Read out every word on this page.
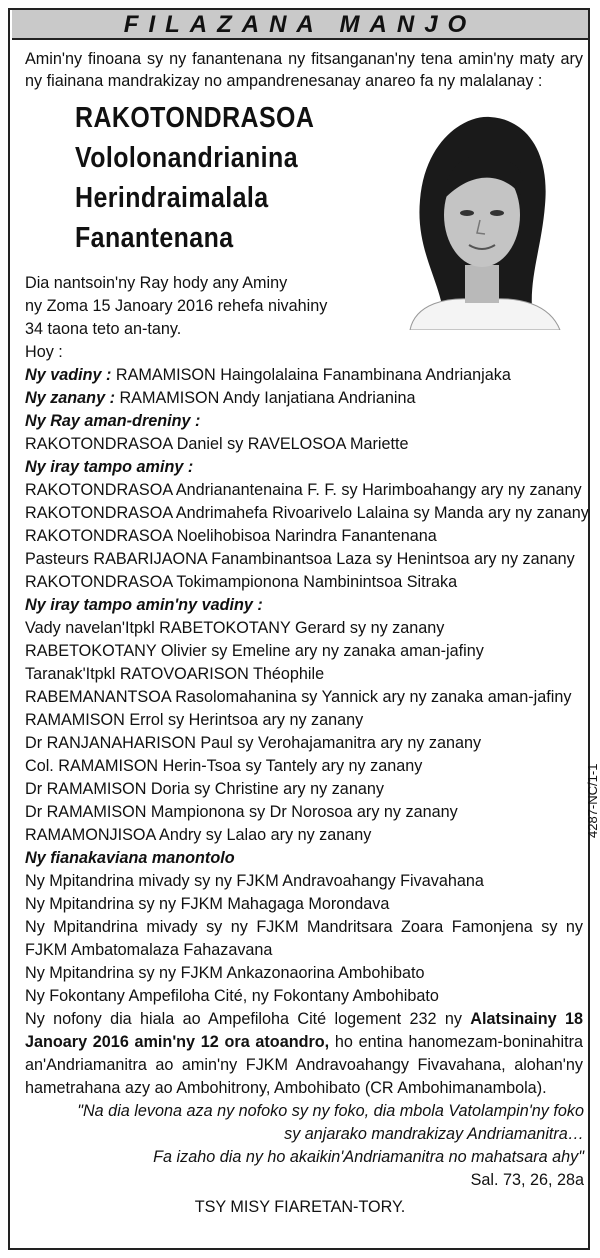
FILAZANA MANJO
Amin'ny finoana sy ny fanantenana ny fitsanganan'ny tena amin'ny maty ary ny fiainana mandrakizay no ampandrenesanay anareo fa ny malalanay :
RAKOTONDRASOA
Vololonandrianina
Herindraimalala
Fanantenana
Dia nantsoin'ny Ray hody any Aminy
ny Zoma 15 Janoary 2016 rehefa nivahiny
34 taona teto an-tany.
Hoy :
Ny vadiny : RAMAMISON Haingolalaina Fanambinana Andrianjaka
Ny zanany : RAMAMISON Andy Ianjatiana Andrianina
Ny Ray aman-dreniny :
RAKOTONDRASOA Daniel sy RAVELOSOA Mariette
Ny iray tampo aminy :
RAKOTONDRASOA Andrianantenaina F. F. sy Harimboahangy ary ny zanany
RAKOTONDRASOA Andrimahefa Rivoarivelo Lalaina sy Manda ary ny zanany
RAKOTONDRASOA Noelihobisoa Narindra Fanantenana
Pasteurs RABARIJAONA Fanambinantsoa Laza sy Henintsoa ary ny zanany
RAKOTONDRASOA Tokimampionona Nambinintsoa Sitraka
Ny iray tampo amin'ny vadiny :
Vady navelan'Itpkl RABETOKOTANY Gerard sy ny zanany
RABETOKOTANY Olivier sy Emeline ary ny zanaka aman-jafiny
Taranak'Itpkl RATOVOARISON Théophile
RABEMANANTSOA Rasolomahanina sy Yannick ary ny zanaka aman-jafiny
RAMAMISON Errol sy Herintsoa ary ny zanany
Dr RANJANAHARISON Paul sy Verohajamanitra ary ny zanany
Col. RAMAMISON Herin-Tsoa sy Tantely ary ny zanany
Dr RAMAMISON Doria sy Christine ary ny zanany
Dr RAMAMISON Mampionona sy Dr Norosoa ary ny zanany
RAMAMONJISOA Andry sy Lalao ary ny zanany
Ny fianakaviana manontolo
Ny Mpitandrina mivady sy ny FJKM Andravoahangy Fivavahana
Ny Mpitandrina sy ny FJKM Mahagaga Morondava
Ny Mpitandrina mivady sy ny FJKM Mandritsara Zoara Famonjena sy ny FJKM Ambatomalaza Fahazavana
Ny Mpitandrina sy ny FJKM Ankazonaorina Ambohibato
Ny Fokontany Ampefiloha Cité, ny Fokontany Ambohibato
Ny nofony dia hiala ao Ampefiloha Cité logement 232 ny Alatsinainy 18 Janoary 2016 amin'ny 12 ora atoandro, ho entina hanomezam-boninahitra an'Andriamanitra ao amin'ny FJKM Andravoahangy Fivavahana, alohan'ny hametrahana azy ao Ambohitrony, Ambohibato (CR Ambohimanambola).
"Na dia levona aza ny nofoko sy ny foko, dia mbola Vatolampin'ny foko
sy anjarako mandrakizay Andriamanitra…
Fa izaho dia ny ho akaikin'Andriamanitra no mahatsara ahy"
Sal. 73, 26, 28a
TSY MISY FIARETAN-TORY.
4287-NC/1-1
